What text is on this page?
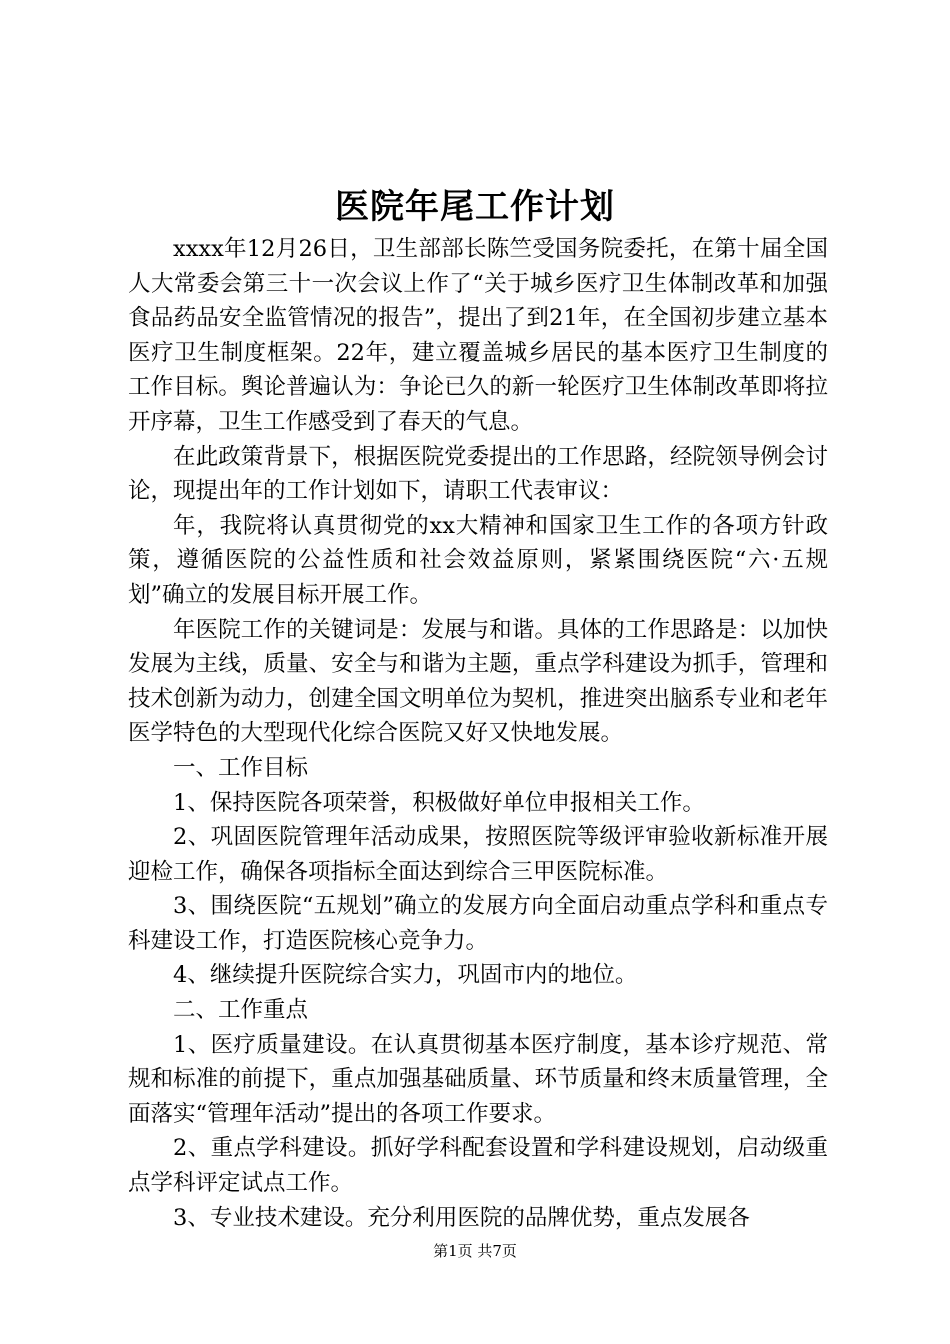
医院年尾工作计划

xxxx年12月26日，卫生部部长陈竺受国务院委托，在第十届全国人大常委会第三十一次会议上作了“关于城乡医疗卫生体制改革和加强食品药品安全监管情况的报告”，提出了到21年，在全国初步建立基本医疗卫生制度框架。22年，建立覆盖城乡居民的基本医疗卫生制度的工作目标。舆论普遍认为：争论已久的新一轮医疗卫生体制改革即将拉开序幕，卫生工作感受到了春天的气息。

在此政策背景下，根据医院党委提出的工作思路，经院领导例会讨论，现提出年的工作计划如下，请职工代表审议：

年，我院将认真贯彻党的xx大精神和国家卫生工作的各项方针政策，遵循医院的公益性质和社会效益原则，紧紧围绕医院“六·五规划”确立的发展目标开展工作。

年医院工作的关键词是：发展与和谐。具体的工作思路是：以加快发展为主线，质量、安全与和谐为主题，重点学科建设为抓手，管理和技术创新为动力，创建全国文明单位为契机，推进突出脑系专业和老年医学特色的大型现代化综合医院又好又快地发展。

一、工作目标

1、保持医院各项荣誉，积极做好单位申报相关工作。

2、巩固医院管理年活动成果，按照医院等级评审验收新标准开展迎检工作，确保各项指标全面达到综合三甲医院标准。

3、围绕医院“五规划”确立的发展方向全面启动重点学科和重点专科建设工作，打造医院核心竞争力。

4、继续提升医院综合实力，巩固市内的地位。

二、工作重点

1、医疗质量建设。在认真贯彻基本医疗制度，基本诊疗规范、常规和标准的前提下，重点加强基础质量、环节质量和终末质量管理，全面落实“管理年活动”提出的各项工作要求。

2、重点学科建设。抓好学科配套设置和学科建设规划，启动级重点学科评定试点工作。

3、专业技术建设。充分利用医院的品牌优势，重点发展各

第1页 共7页
